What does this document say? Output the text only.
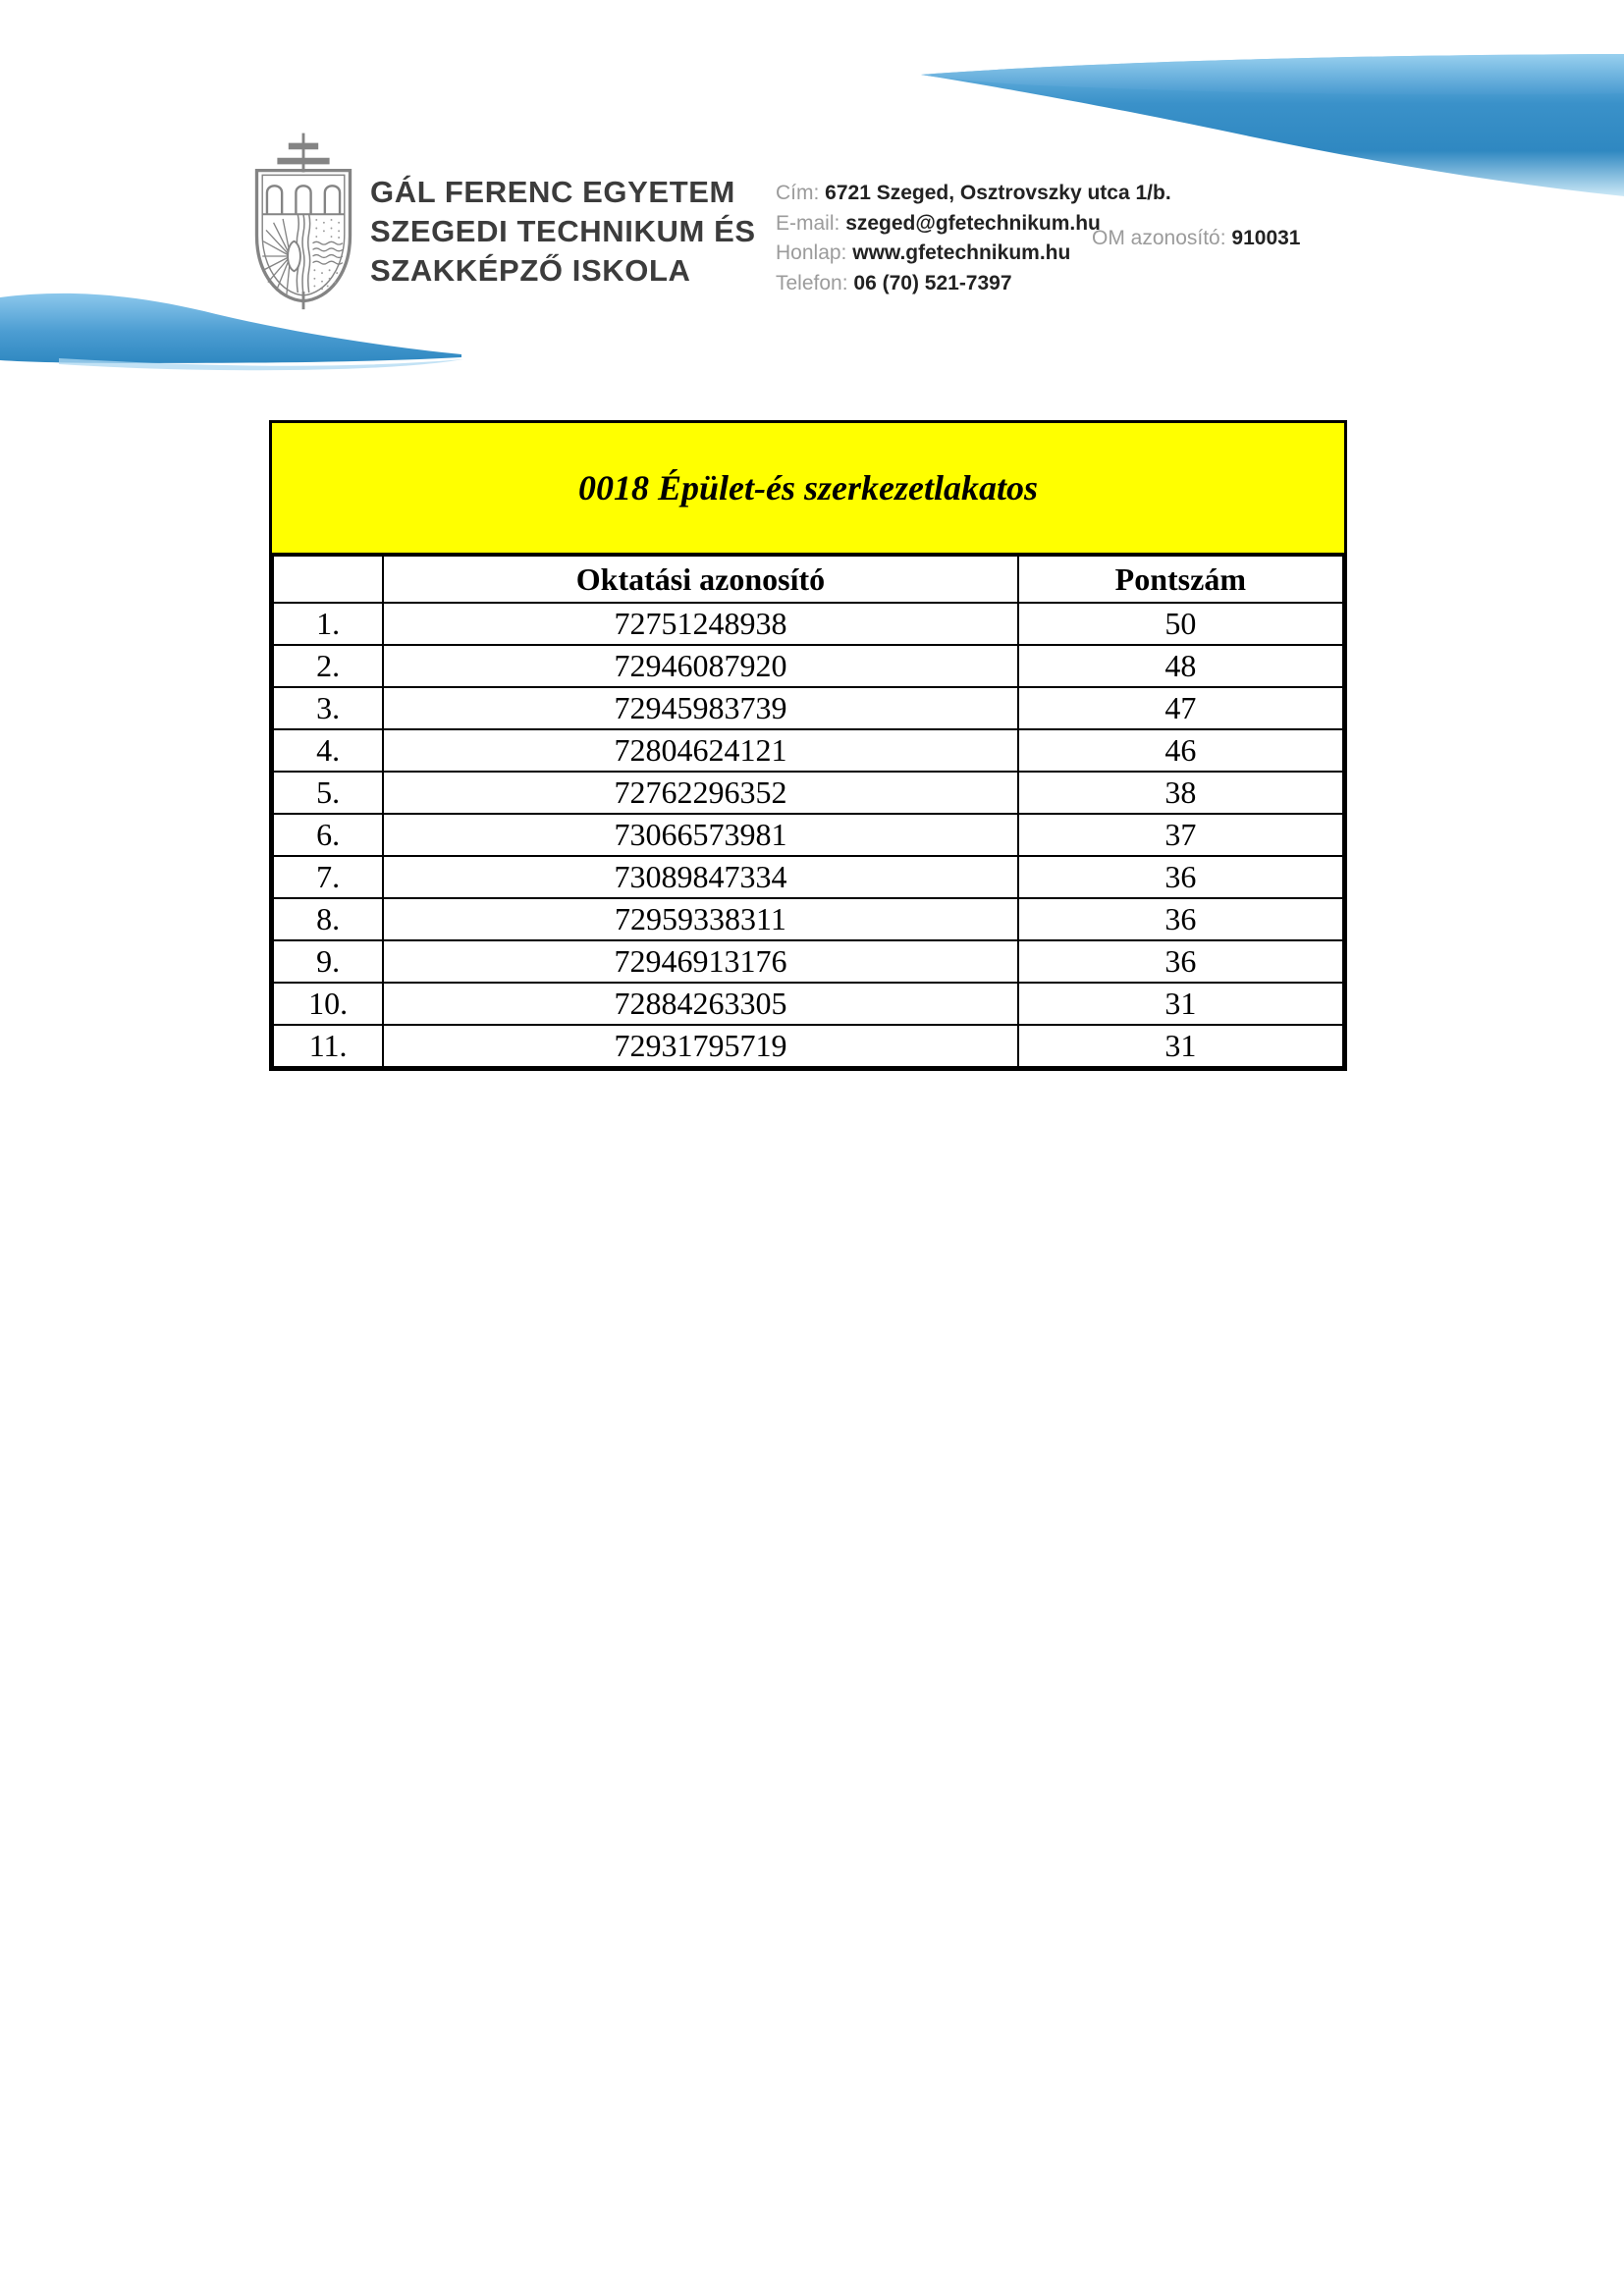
GÁL FERENC EGYETEM
SZEGEDI TECHNIKUM ÉS
SZAKKÉPZŐ ISKOLA
Cím: 6721 Szeged, Osztrovszky utca 1/b.
E-mail: szeged@gfetechnikum.hu
Honlap: www.gfetechnikum.hu
Telefon: 06 (70) 521-7397
OM azonosító: 910031
0018 Épület-és szerkezetlakatos
	Oktatási azonosító	Pontszám
1.	72751248938	50
2.	72946087920	48
3.	72945983739	47
4.	72804624121	46
5.	72762296352	38
6.	73066573981	37
7.	73089847334	36
8.	72959338311	36
9.	72946913176	36
10.	72884263305	31
11.	72931795719	31
